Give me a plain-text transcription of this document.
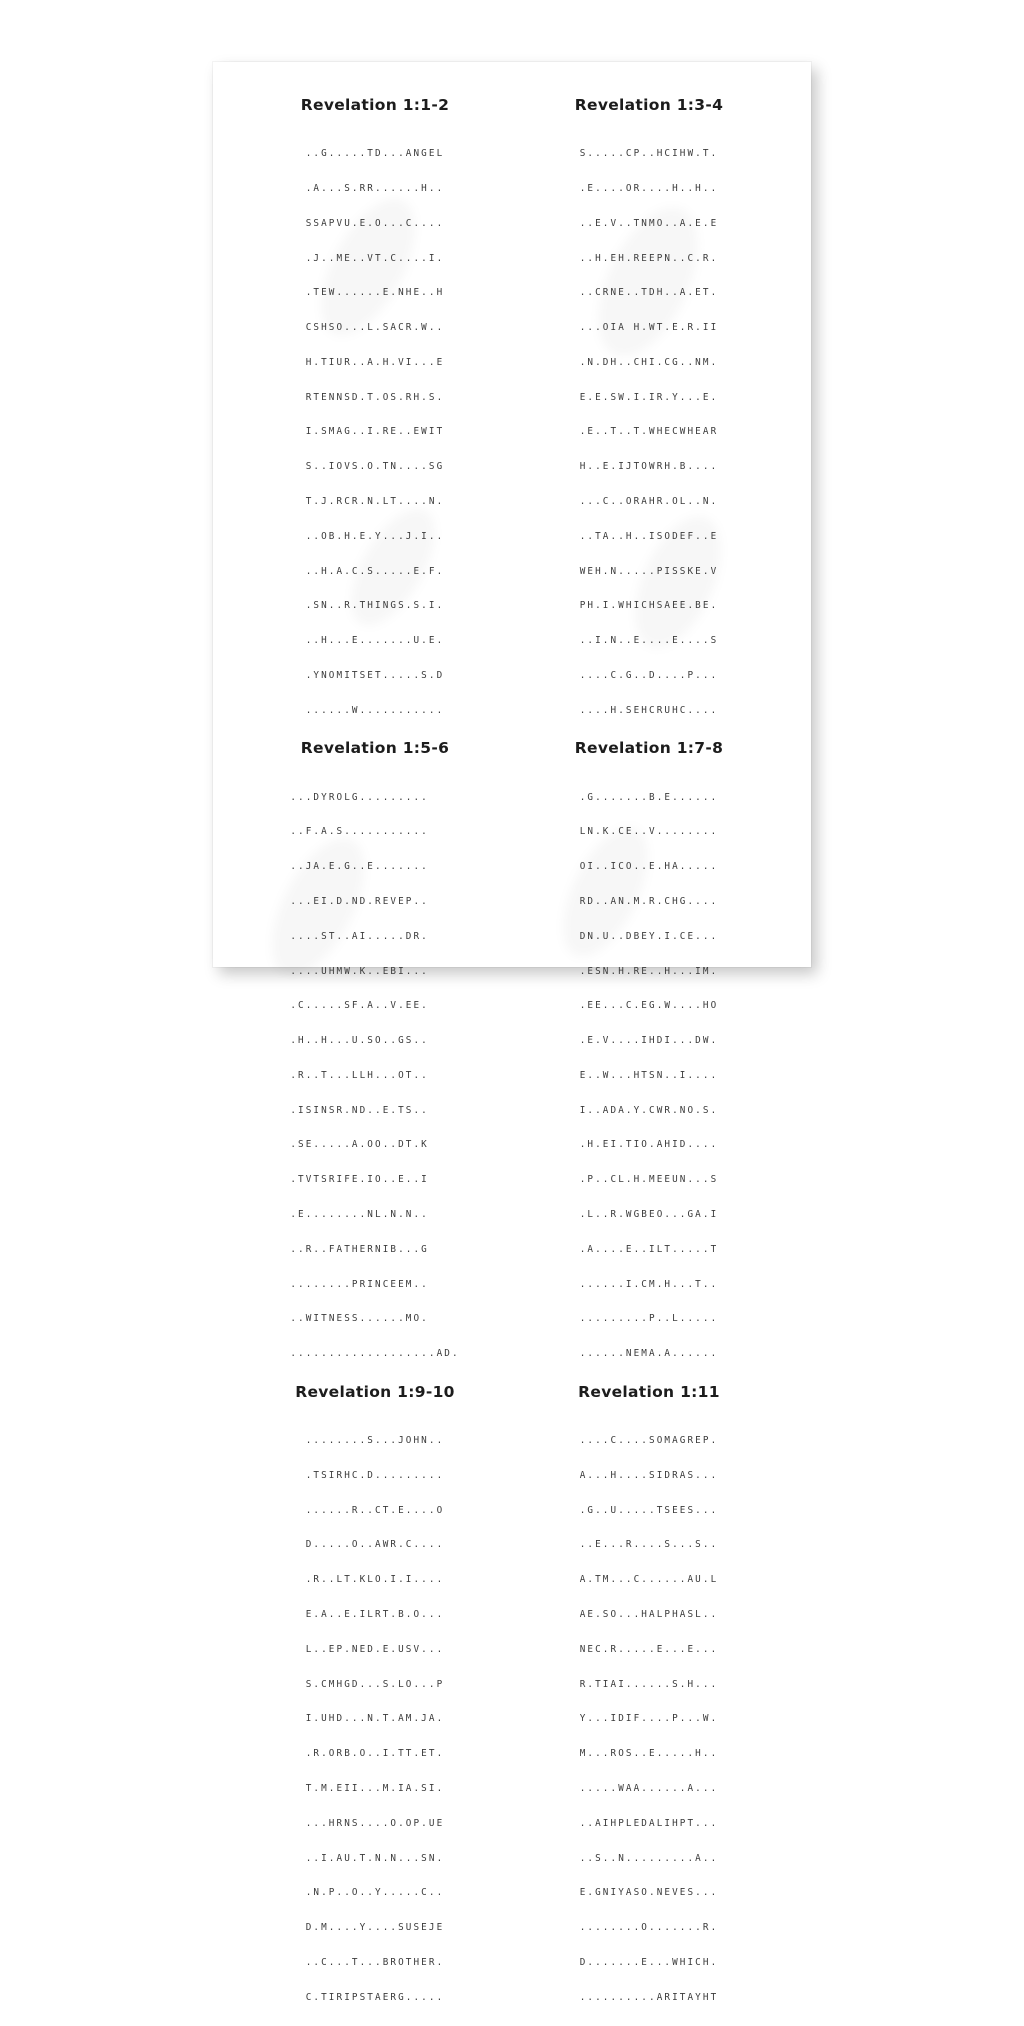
Revelation 1:1-2

..G.....TD...ANGEL

.A...S.RR......H..

SSAPVU.E.O...C....

.J..ME..VT.C....I.

.TEW......E.NHE..H

CSHSO...L.SACR.W..

H.TIUR..A.H.VI...E

RTENNSD.T.OS.RH.S.

I.SMAG..I.RE..EWIT

S..IOVS.O.TN....SG

T.J.RCR.N.LT....N.

..OB.H.E.Y...J.I..

..H.A.C.S.....E.F.

.SN..R.THINGS.S.I.

..H...E.......U.E.

.YNOMITSET.....S.D

......W...........

Revelation 1:3-4

S.....CP..HCIHW.T.

.E....OR....H..H..

..E.V..TNMO..A.E.E

..H.EH.REEPN..C.R.

..CRNE..TDH..A.ET.

...OIA H.WT.E.R.II

.N.DH..CHI.CG..NM.

E.E.SW.I.IR.Y...E.

.E..T..T.WHECWHEAR

H..E.IJTOWRH.B....

...C..ORAHR.OL..N.

..TA..H..ISODEF..E

WEH.N.....PISSKE.V

PH.I.WHICHSAEE.BE.

..I.N..E....E....S

....C.G..D....P...

....H.SEHCRUHC....

Revelation 1:5-6

...DYROLG.........

..F.A.S...........

..JA.E.G..E.......

...EI.D.ND.REVEP..

....ST..AI.....DR.

....UHMW.K..EBI...

.C.....SF.A..V.EE.

.H..H...U.SO..GS..

.R..T...LLH...OT..

.ISINSR.ND..E.TS..

.SE.....A.OO..DT.K

.TVTSRIFE.IO..E..I

.E........NL.N.N..

..R..FATHERNIB...G

........PRINCEEM..

..WITNESS......MO.

...................AD.

Revelation 1:7-8

.G.......B.E......

LN.K.CE..V........

OI..ICO..E.HA.....

RD..AN.M.R.CHG....

DN.U..DBEY.I.CE...

.ESN.H.RE..H...IM.

.EE...C.EG.W....HO

.E.V....IHDI...DW.

E..W...HTSN..I....

I..ADA.Y.CWR.NO.S.

.H.EI.TIO.AHID....

.P..CL.H.MEEUN...S

.L..R.WGBEO...GA.I

.A....E..ILT.....T

......I.CM.H...T..

.........P..L.....

......NEMA.A......

Revelation 1:9-10

........S...JOHN..

.TSIRHC.D.........

......R..CT.E....O

D.....O..AWR.C....

.R..LT.KLO.I.I....

E.A..E.ILRT.B.O...

L..EP.NED.E.USV...

S.CMHGD...S.LO...P

I.UHD...N.T.AM.JA.

.R.ORB.O..I.TT.ET.

T.M.EII...M.IA.SI.

...HRNS....O.OP.UE

..I.AU.T.N.N...SN.

.N.P..O..Y.....C..

D.M....Y....SUSEJE

..C...T...BROTHER.

C.TIRIPSTAERG.....

Revelation 1:11

....C....SOMAGREP.

A...H....SIDRAS...

.G..U.....TSEES...

..E...R....S...S..

A.TM...C......AU.L

AE.SO...HALPHASL..

NEC.R.....E...E...

R.TIAI......S.H...

Y...IDIF....P...W.

M...ROS..E.....H..

.....WAA......A...

..AIHPLEDALIHPT...

..S..N.........A..

E.GNIYASO.NEVES...

........O.......R.

D.......E...WHICH.

..........ARITAYHT
